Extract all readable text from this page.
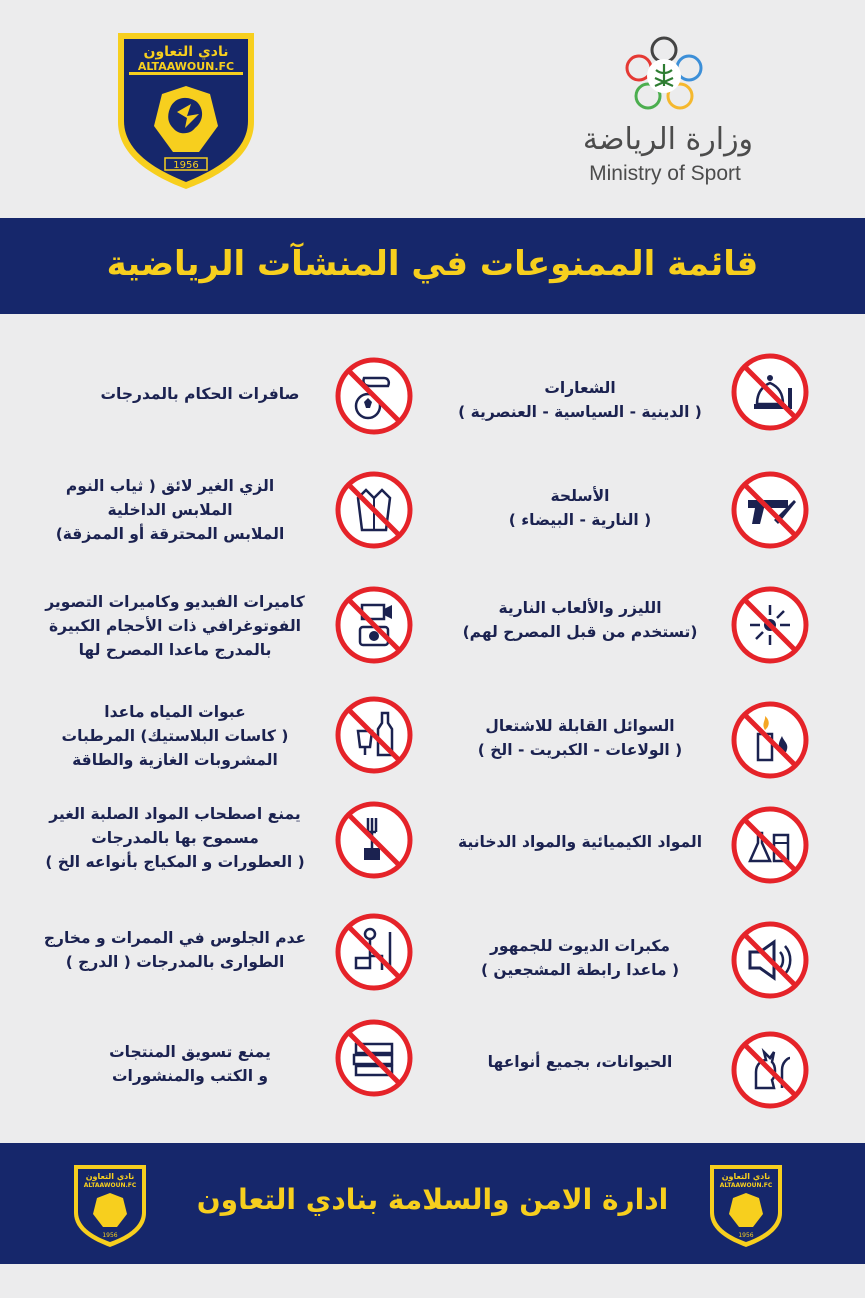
نادي التعاون
ALTAAWOUN.FC
1956
وزارة الرياضة
Ministry of Sport
قائمة الممنوعات في المنشآت الرياضية
الشعارات
( الدينية - السياسية - العنصرية )
الأسلحة
( النارية - البيضاء )
الليزر والألعاب النارية
(تستخدم من قبل المصرح لهم)
السوائل القابلة للاشتعال
( الولاعات - الكبريت - الخ )
المواد الكيميائية والمواد الدخانية
مكبرات الديوت للجمهور
( ماعدا رابطة المشجعين )
الحيوانات، بجميع أنواعها
صافرات الحكام بالمدرجات
الزي الغير لائق ( ثياب النوم
الملابس الداخلية
الملابس المحترقة أو الممزقة)
كاميرات الفيديو وكاميرات التصوير
الفوتوغرافي ذات الأحجام الكبيرة
بالمدرج ماعدا المصرح لها
عبوات المياه ماعدا
( كاسات البلاستيك) المرطبات
المشروبات الغازية والطاقة
يمنع اصطحاب المواد الصلبة الغير
مسموح بها بالمدرجات
( العطورات و المكياج بأنواعه الخ )
عدم الجلوس في الممرات و مخارج
الطوارى بالمدرجات ( الدرج )
يمنع تسويق المنتجات
و الكتب والمنشورات
ادارة الامن والسلامة بنادي التعاون
نادي التعاون
ALTAAWOUN.FC
1956
نادي التعاون
ALTAAWOUN.FC
1956
